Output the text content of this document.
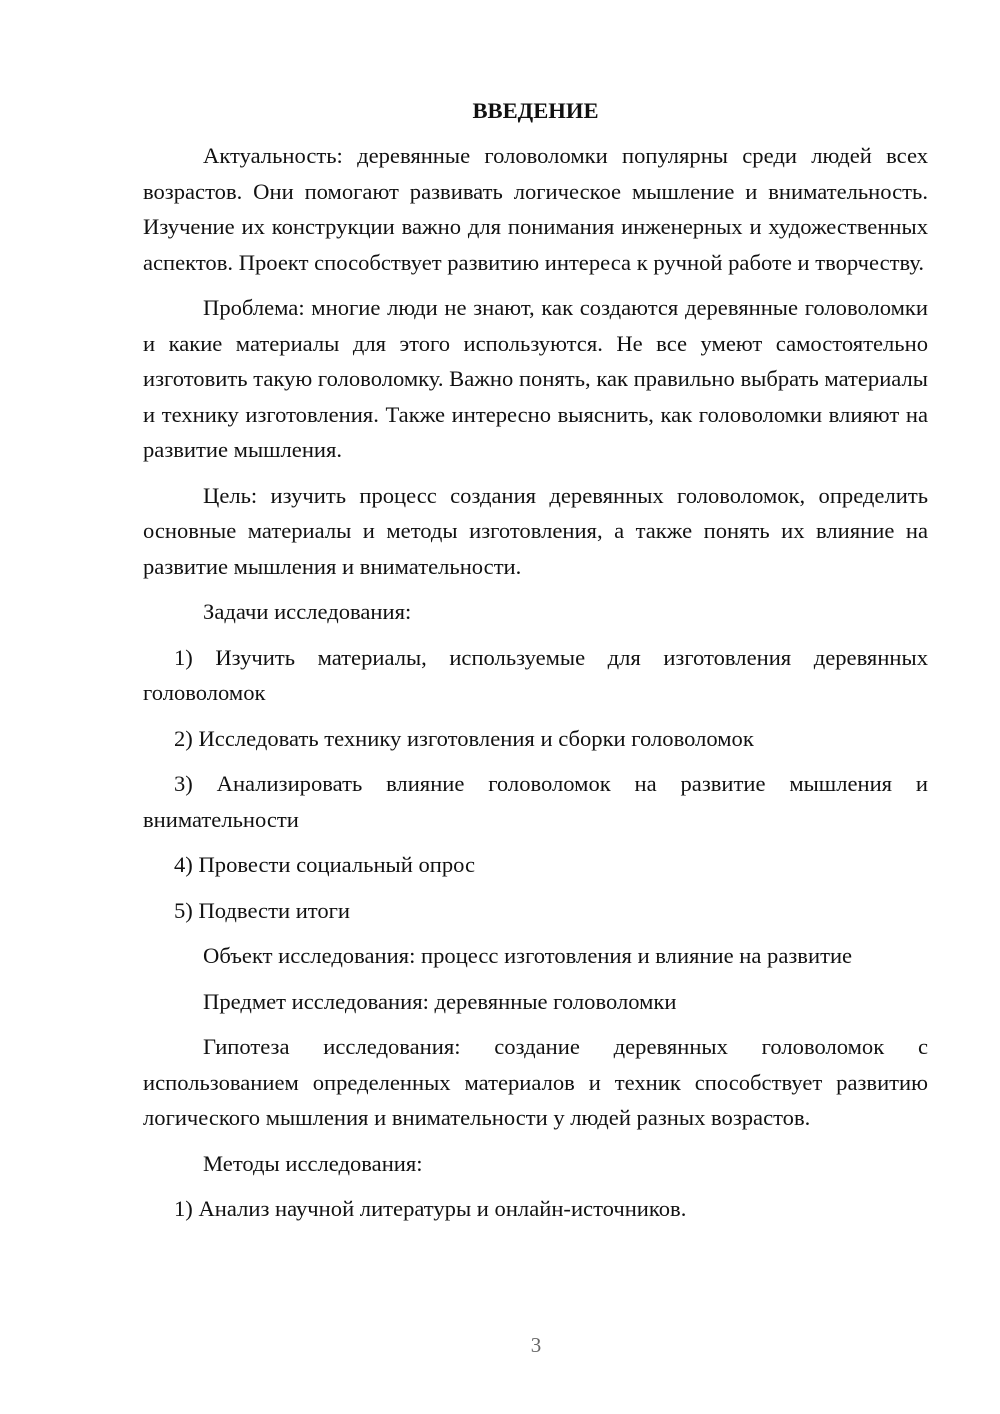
ВВЕДЕНИЕ

Актуальность: деревянные головоломки популярны среди людей всех возрастов. Они помогают развивать логическое мышление и внимательность. Изучение их конструкции важно для понимания инженерных и художественных аспектов. Проект способствует развитию интереса к ручной работе и творчеству.

Проблема: многие люди не знают, как создаются деревянные головоломки и какие материалы для этого используются. Не все умеют самостоятельно изготовить такую головоломку. Важно понять, как правильно выбрать материалы и технику изготовления. Также интересно выяснить, как головоломки влияют на развитие мышления.

Цель: изучить процесс создания деревянных головоломок, определить основные материалы и методы изготовления, а также понять их влияние на развитие мышления и внимательности.

Задачи исследования:

1) Изучить материалы, используемые для изготовления деревянных головоломок

2) Исследовать технику изготовления и сборки головоломок

3) Анализировать влияние головоломок на развитие мышления и внимательности

4) Провести социальный опрос

5) Подвести итоги

Объект исследования: процесс изготовления и влияние на развитие

Предмет исследования: деревянные головоломки

Гипотеза исследования: создание деревянных головоломок с использованием определенных материалов и техник способствует развитию логического мышления и внимательности у людей разных возрастов.

Методы исследования:

1) Анализ научной литературы и онлайн-источников.

3
